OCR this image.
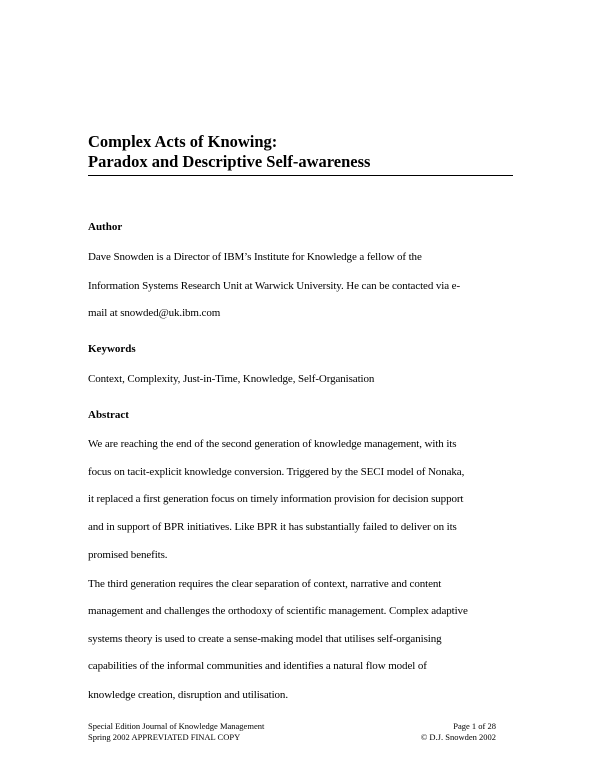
Complex Acts of Knowing:
Paradox and Descriptive Self-awareness
Author
Dave Snowden is a Director of IBM’s Institute for Knowledge a fellow of the
Information Systems Research Unit at Warwick University. He can be contacted via e-
mail at snowded@uk.ibm.com
Keywords
Context, Complexity, Just-in-Time, Knowledge, Self-Organisation
Abstract
We are reaching the end of the second generation of knowledge management, with its
focus on tacit-explicit knowledge conversion. Triggered by the SECI model of Nonaka,
it replaced a first generation focus on timely information provision for decision support
and in support of BPR initiatives. Like BPR it has substantially failed to deliver on its
promised benefits.
The third generation requires the clear separation of context, narrative and content
management and challenges the orthodoxy of scientific management. Complex adaptive
systems theory is used to create a sense-making model that utilises self-organising
capabilities of the informal communities and identifies a natural flow model of
knowledge creation, disruption and utilisation.
Special Edition Journal of Knowledge Management
Spring 2002 APPREVIATED FINAL COPY
Page 1 of 28
© D.J. Snowden 2002
